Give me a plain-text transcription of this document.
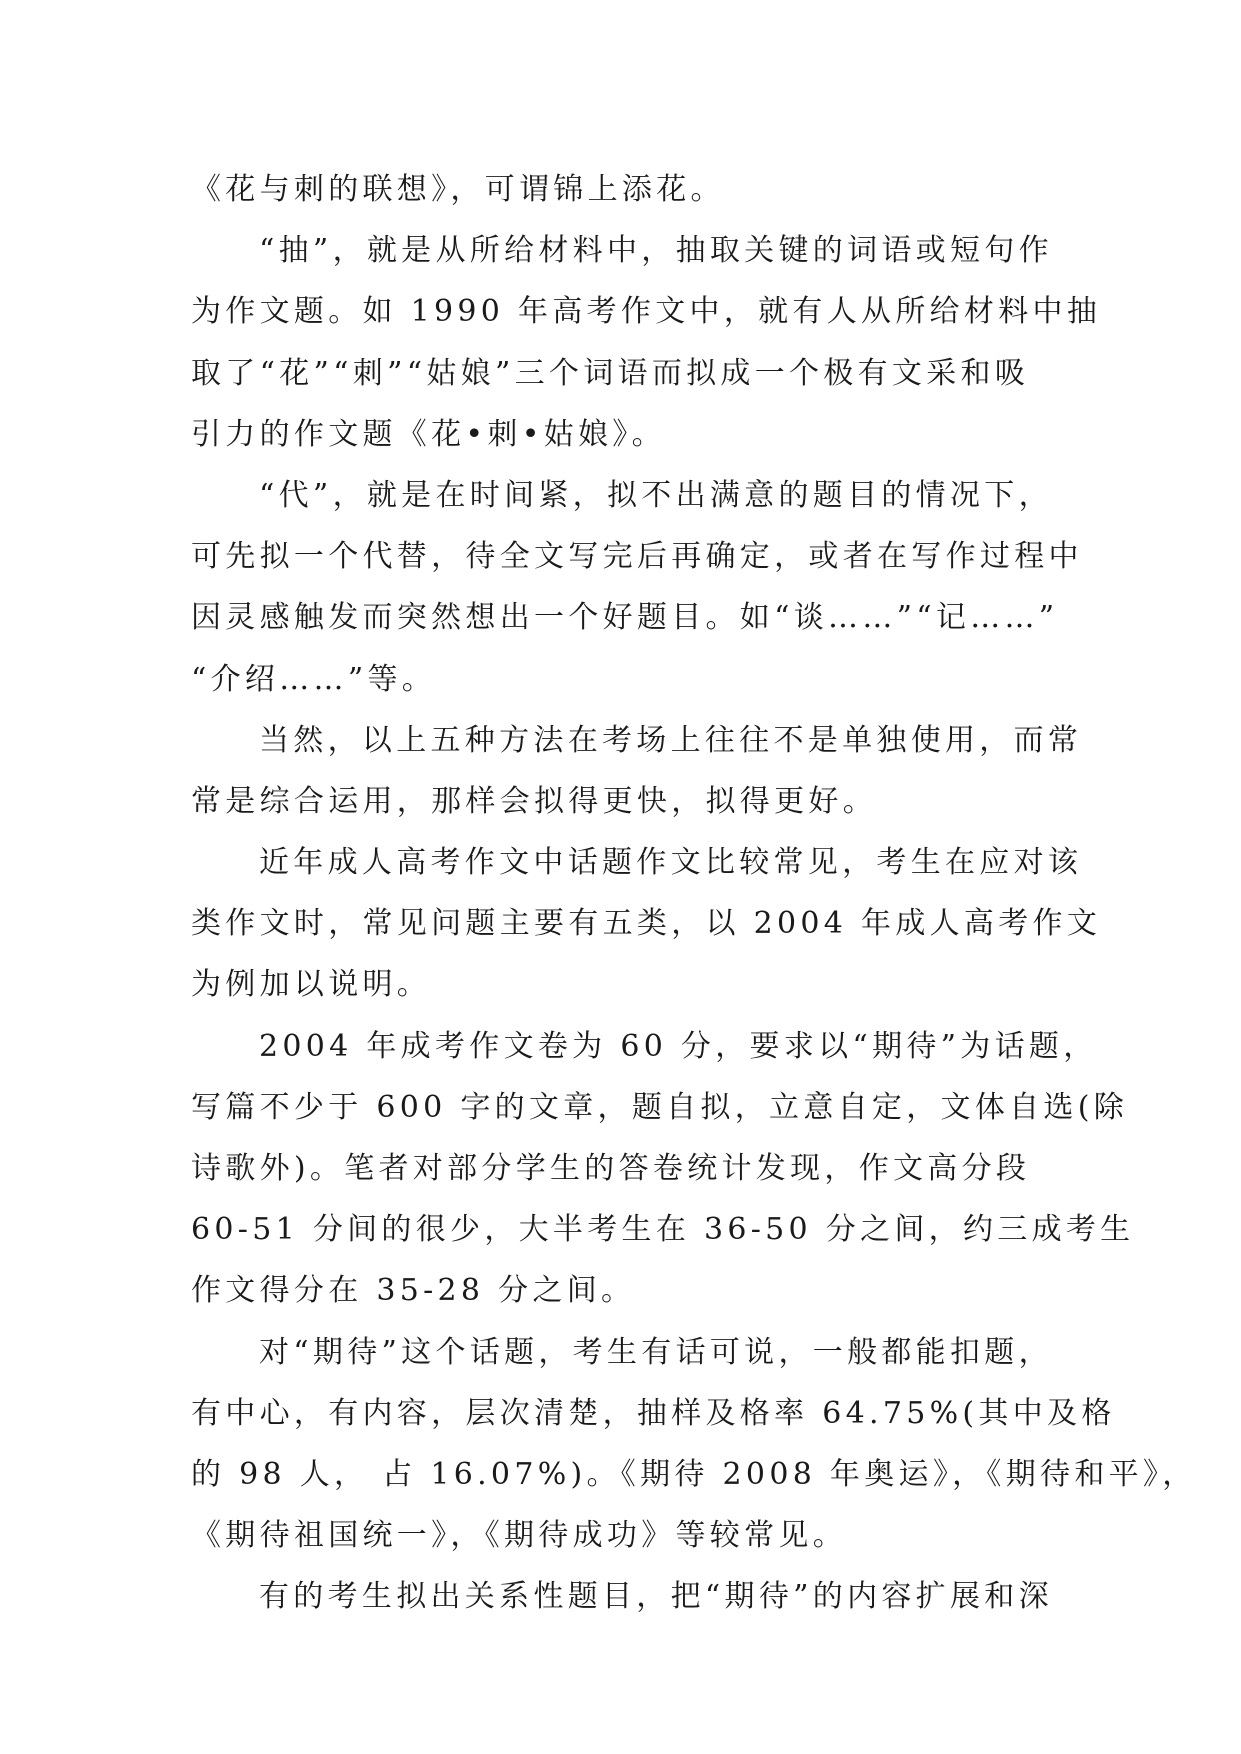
《花与刺的联想》，可谓锦上添花。
“抽”，就是从所给材料中，抽取关键的词语或短句作
为作文题。如 1990 年高考作文中，就有人从所给材料中抽
取了“花”“刺”“姑娘”三个词语而拟成一个极有文采和吸
引力的作文题《花•刺•姑娘》。
“代”，就是在时间紧，拟不出满意的题目的情况下，
可先拟一个代替，待全文写完后再确定，或者在写作过程中
因灵感触发而突然想出一个好题目。如“谈……”“记……”
“介绍……”等。
当然，以上五种方法在考场上往往不是单独使用，而常
常是综合运用，那样会拟得更快，拟得更好。
近年成人高考作文中话题作文比较常见，考生在应对该
类作文时，常见问题主要有五类，以 2004 年成人高考作文
为例加以说明。
2004 年成考作文卷为 60 分，要求以“期待”为话题，
写篇不少于 600 字的文章，题自拟，立意自定，文体自选(除
诗歌外)。笔者对部分学生的答卷统计发现，作文高分段
60-51 分间的很少，大半考生在 36-50 分之间，约三成考生
作文得分在 35-28 分之间。
对“期待”这个话题，考生有话可说，一般都能扣题，
有中心，有内容，层次清楚，抽样及格率 64.75%(其中及格
的 98 人， 占 16.07%)。《期待 2008 年奥运》，《期待和平》，
《期待祖国统一》，《期待成功》等较常见。
有的考生拟出关系性题目，把“期待”的内容扩展和深
